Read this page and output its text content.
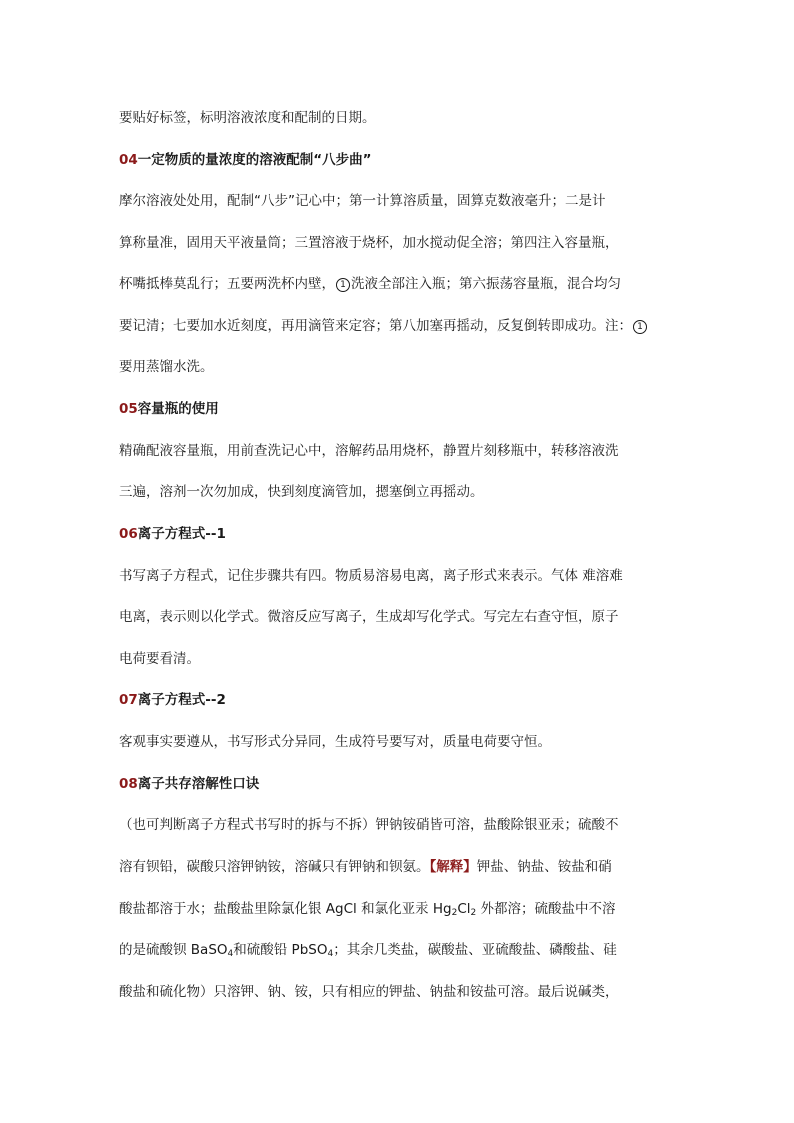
要贴好标签，标明溶液浓度和配制的日期。
04一定物质的量浓度的溶液配制“八步曲”
摩尔溶液处处用，配制“八步”记心中；第一计算溶质量，固算克数液毫升；二是计
算称量准，固用天平液量筒；三置溶液于烧杯，加水搅动促全溶；第四注入容量瓶，
杯嘴抵棒莫乱行；五要两洗杯内壁， 1 洗液全部注入瓶；第六振荡容量瓶，混合均匀
要记清；七要加水近刻度，再用滴管来定容；第八加塞再摇动，反复倒转即成功。注： 1
要用蒸馏水洗。
05容量瓶的使用
精确配液容量瓶，用前查洗记心中，溶解药品用烧杯，静置片刻移瓶中，转移溶液洗
三遍，溶剂一次勿加成，快到刻度滴管加，摁塞倒立再摇动。
06离子方程式--1
书写离子方程式，记住步骤共有四。物质易溶易电离，离子形式来表示。气体 难溶难
电离，表示则以化学式。微溶反应写离子，生成却写化学式。写完左右查守恒，原子
电荷要看清。
07离子方程式--2
客观事实要遵从，书写形式分异同，生成符号要写对，质量电荷要守恒。
08离子共存溶解性口诀
（也可判断离子方程式书写时的拆与不拆）钾钠铵硝皆可溶，盐酸除银亚汞；硫酸不
溶有钡铅，碳酸只溶钾钠铵，溶碱只有钾钠和钡氨。【解释】钾盐、钠盐、铵盐和硝
酸盐都溶于水；盐酸盐里除氯化银 AgCl 和氯化亚汞 $Hg_2Cl_2$ 外都溶；硫酸盐中不溶
的是硫酸钡 BaSO$_4$和硫酸铅 PbSO$_4$；其余几类盐，碳酸盐、亚硫酸盐、磷酸盐、硅
酸盐和硫化物）只溶钾、钠、铵，只有相应的钾盐、钠盐和铵盐可溶。最后说碱类，
